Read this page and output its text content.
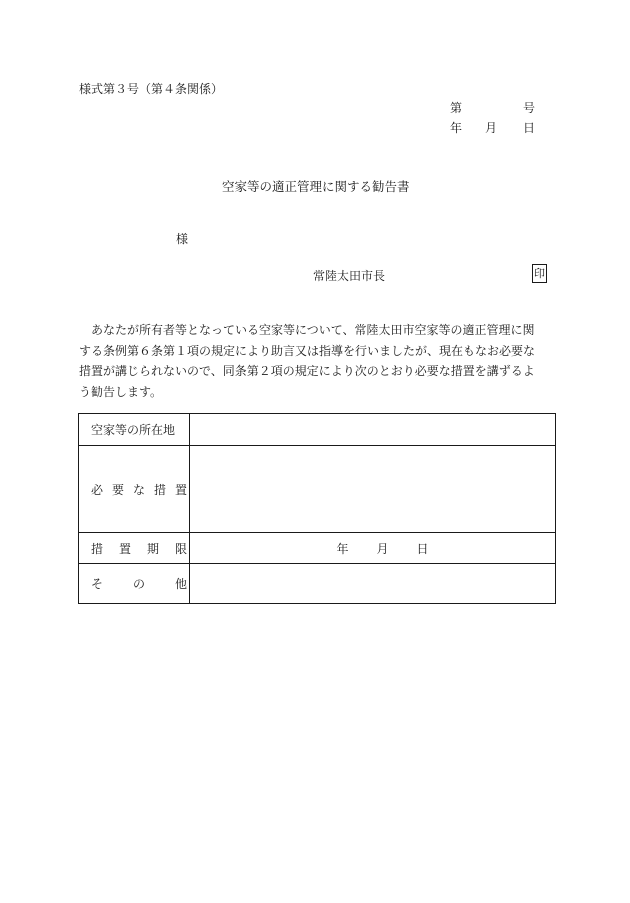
様式第３号（第４条関係）
第	号
年 月 日
空家等の適正管理に関する勧告書
様
常陸太田市長	印
　あなたが所有者等となっている空家等について、常陸太田市空家等の適正管理に関
する条例第６条第１項の規定により助言又は指導を行いましたが、現在もなお必要な
措置が講じられないので、同条第２項の規定により次のとおり必要な措置を講ずるよ
う勧告します。
空家等の所在地	

必 要 な 措 置	

措 置 期 限	年 月 日

そ の 他	
